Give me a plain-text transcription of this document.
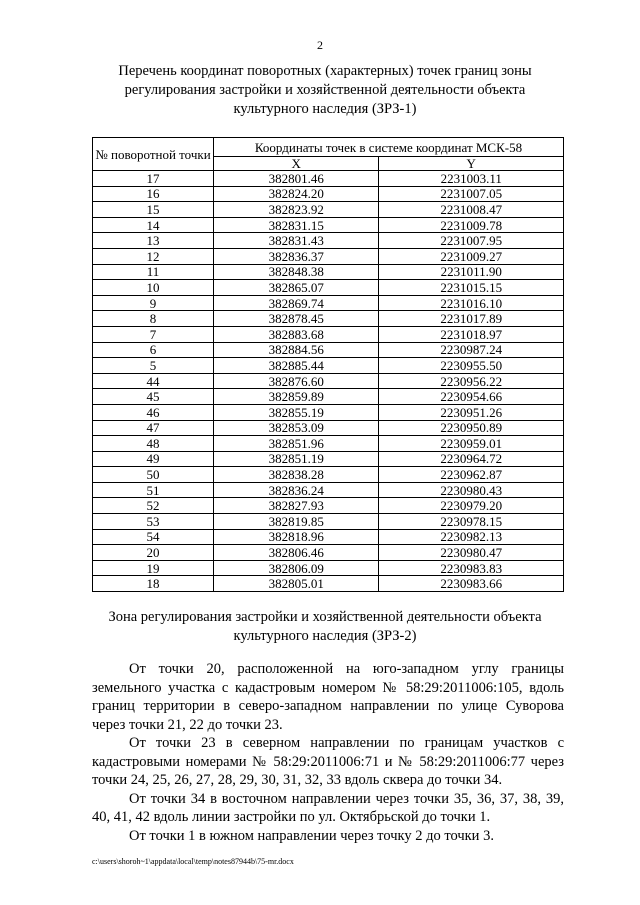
2
Перечень координат поворотных (характерных) точек границ зоны
регулирования застройки и хозяйственной деятельности объекта
культурного наследия (ЗРЗ-1)
№ поворотной точки	Координаты точек в системе координат МСК-58	
	X	Y
17	382801.46	2231003.11
16	382824.20	2231007.05
15	382823.92	2231008.47
14	382831.15	2231009.78
13	382831.43	2231007.95
12	382836.37	2231009.27
11	382848.38	2231011.90
10	382865.07	2231015.15
9	382869.74	2231016.10
8	382878.45	2231017.89
7	382883.68	2231018.97
6	382884.56	2230987.24
5	382885.44	2230955.50
44	382876.60	2230956.22
45	382859.89	2230954.66
46	382855.19	2230951.26
47	382853.09	2230950.89
48	382851.96	2230959.01
49	382851.19	2230964.72
50	382838.28	2230962.87
51	382836.24	2230980.43
52	382827.93	2230979.20
53	382819.85	2230978.15
54	382818.96	2230982.13
20	382806.46	2230980.47
19	382806.09	2230983.83
18	382805.01	2230983.66
Зона регулирования застройки и хозяйственной деятельности объекта
культурного наследия (ЗРЗ-2)

От точки 20, расположенной на юго-западном углу границы земельного участка с кадастровым номером № 58:29:2011006:105, вдоль границ территории в северо-западном направлении по улице Суворова через точки 21, 22 до точки 23.

От точки 23 в северном направлении по границам участков с кадастровыми номерами № 58:29:2011006:71 и № 58:29:2011006:77 через точки 24, 25, 26, 27, 28, 29, 30, 31, 32, 33 вдоль сквера до точки 34.

От точки 34 в восточном направлении через точки 35, 36, 37, 38, 39, 40, 41, 42 вдоль линии застройки по ул. Октябрьской до точки 1.

От точки 1 в южном направлении через точку 2 до точки 3.

c:\users\shoroh~1\appdata\local\temp\notes87944b\75-mr.docx
